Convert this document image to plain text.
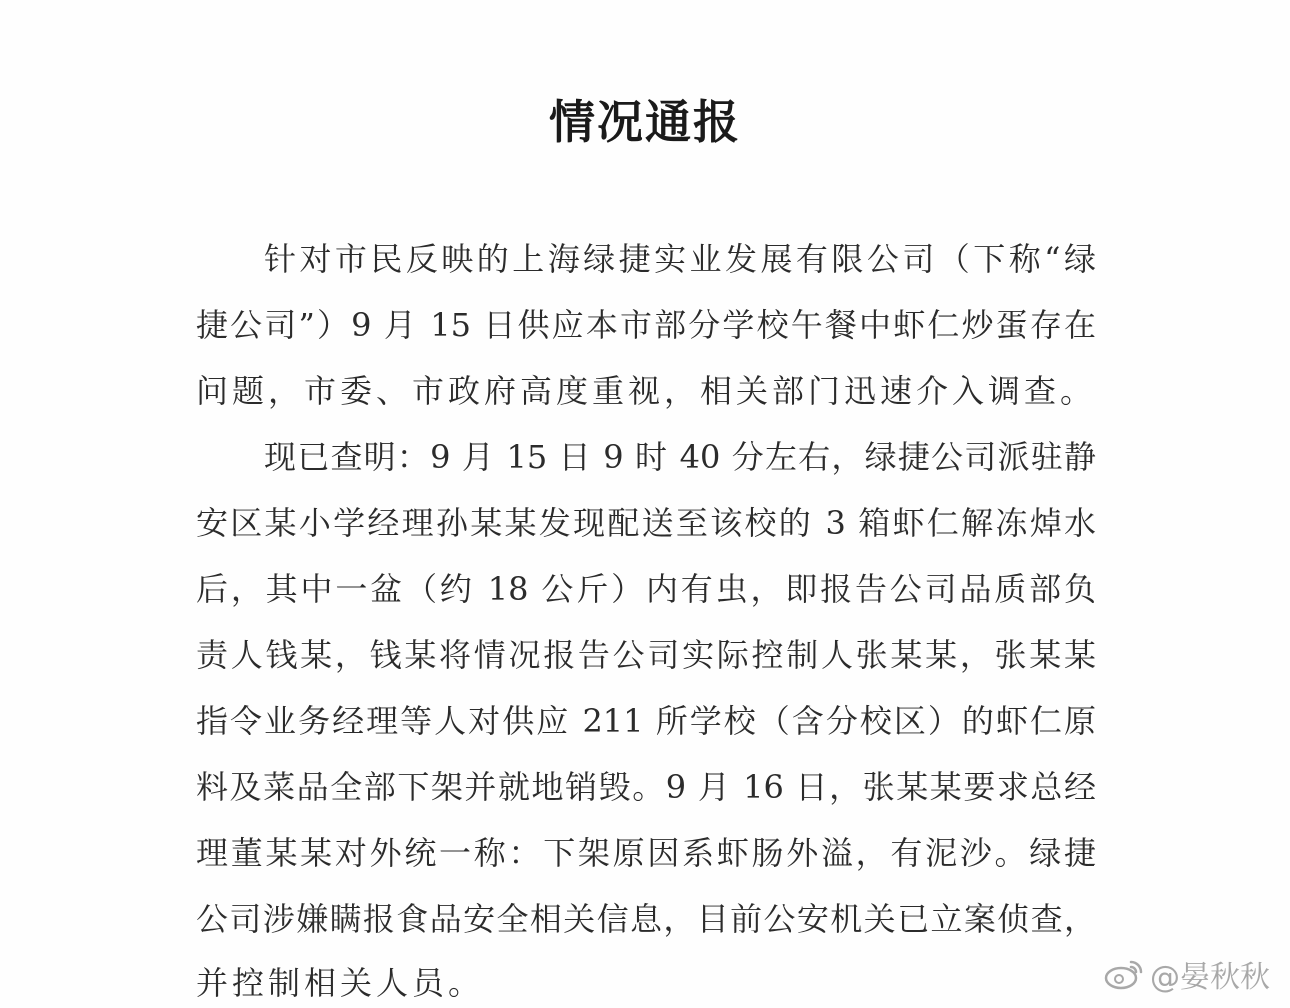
情况通报
针对市民反映的上海绿捷实业发展有限公司（下称“绿
捷公司”）9 月 15 日供应本市部分学校午餐中虾仁炒蛋存在
问题，市委、市政府高度重视，相关部门迅速介入调查。
现已查明：9 月 15 日 9 时 40 分左右，绿捷公司派驻静
安区某小学经理孙某某发现配送至该校的 3 箱虾仁解冻焯水
后，其中一盆（约 18 公斤）内有虫，即报告公司品质部负
责人钱某，钱某将情况报告公司实际控制人张某某，张某某
指令业务经理等人对供应 211 所学校（含分校区）的虾仁原
料及菜品全部下架并就地销毁。9 月 16 日，张某某要求总经
理董某某对外统一称：下架原因系虾肠外溢，有泥沙。绿捷
公司涉嫌瞒报食品安全相关信息，目前公安机关已立案侦查，
并控制相关人员。	@晏秋秋
